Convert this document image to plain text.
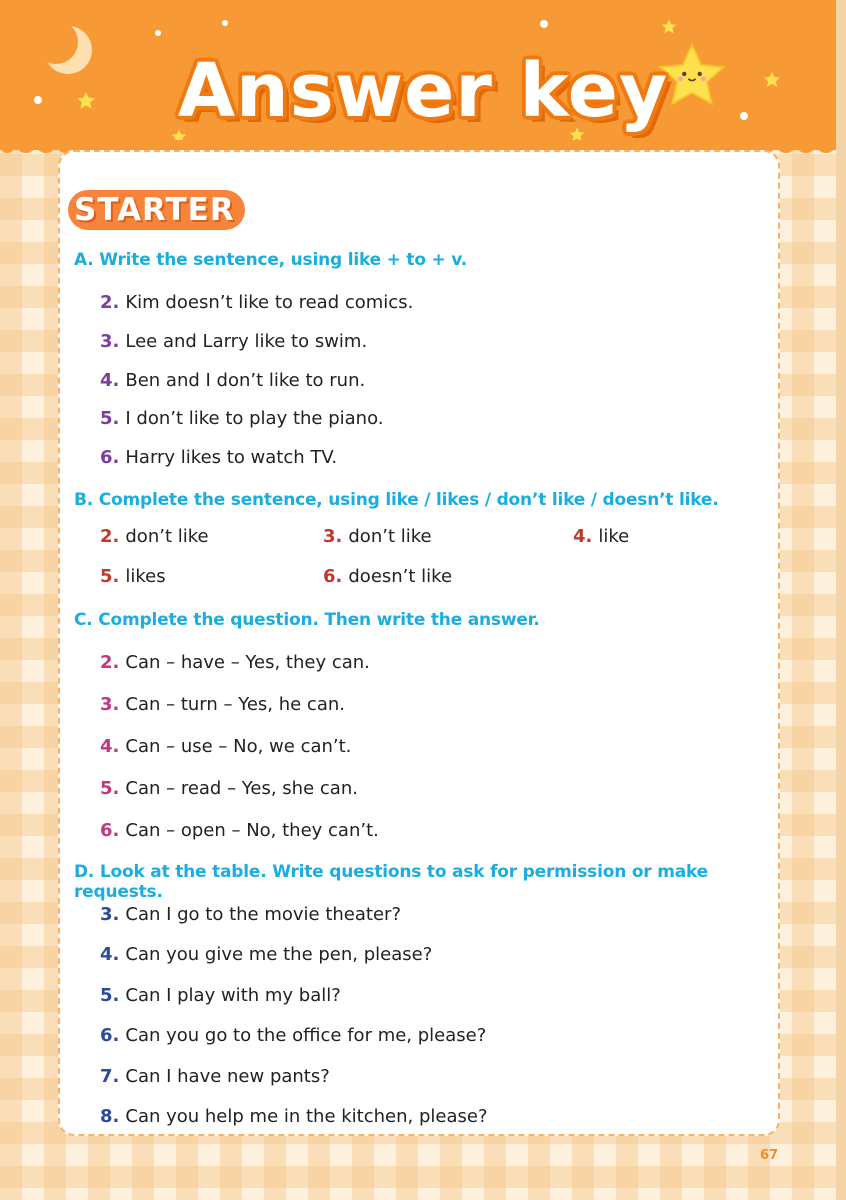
Answer key
STARTER
A. Write the sentence, using like + to + v.
2. Kim doesn’t like to read comics.
3. Lee and Larry like to swim.
4. Ben and I don’t like to run.
5. I don’t like to play the piano.
6. Harry likes to watch TV.
B. Complete the sentence, using like / likes / don’t like / doesn’t like.
2. don’t like	3. don’t like	4. like
5. likes	6. doesn’t like
C. Complete the question. Then write the answer.
2. Can – have – Yes, they can.
3. Can – turn – Yes, he can.
4. Can – use – No, we can’t.
5. Can – read – Yes, she can.
6. Can – open – No, they can’t.
D. Look at the table. Write questions to ask for permission or make requests.
3. Can I go to the movie theater?
4. Can you give me the pen, please?
5. Can I play with my ball?
6. Can you go to the office for me, please?
7. Can I have new pants?
8. Can you help me in the kitchen, please?
67
